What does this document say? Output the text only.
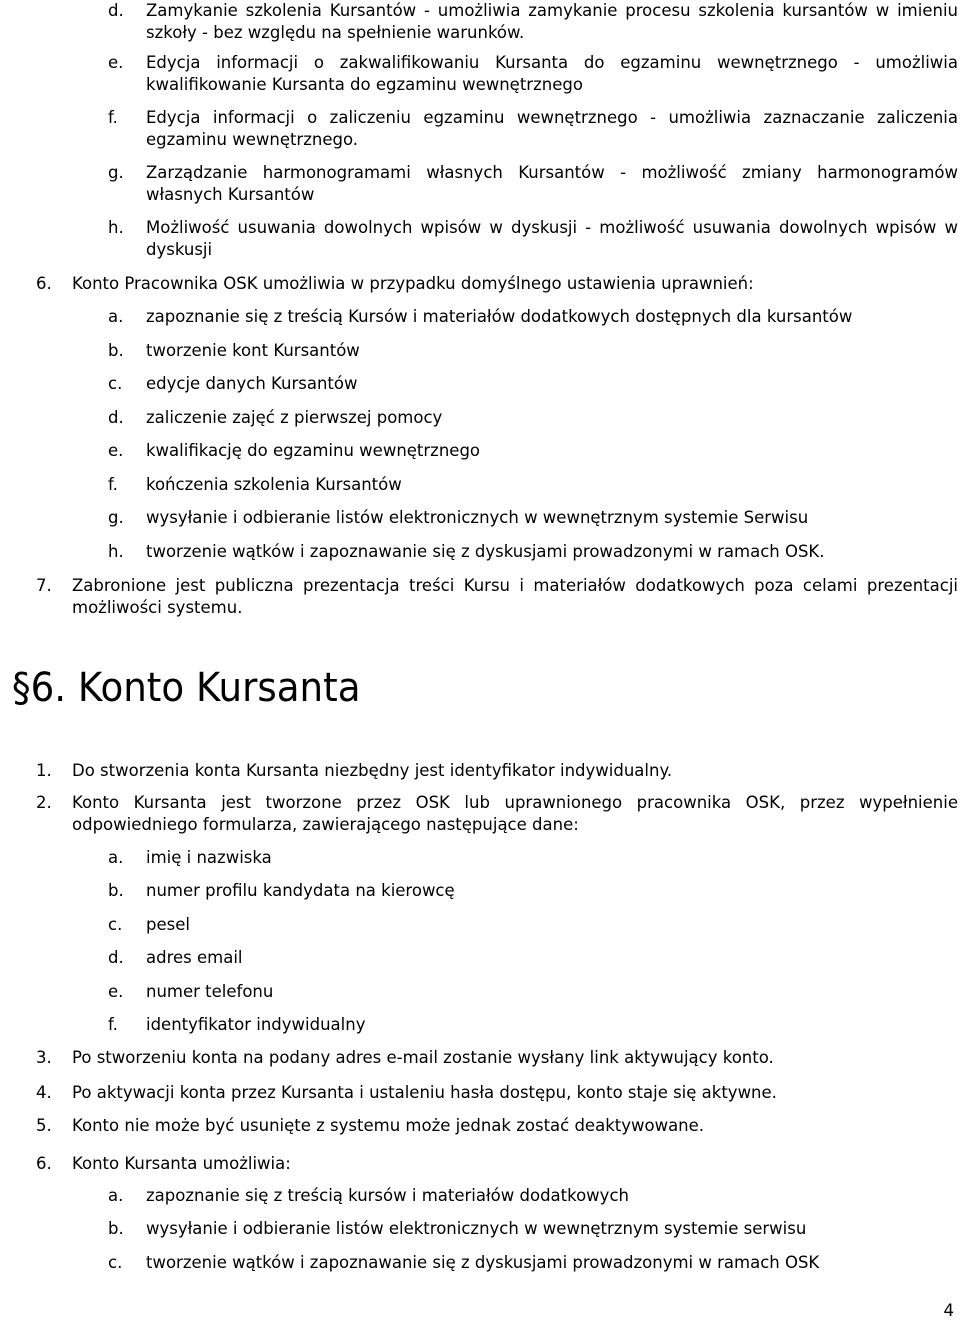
d.	Zamykanie szkolenia Kursantów - umożliwia zamykanie procesu szkolenia kursantów w imieniu szkoły - bez względu na spełnienie warunków.
e.	Edycja informacji o zakwalifikowaniu Kursanta do egzaminu wewnętrznego - umożliwia kwalifikowanie Kursanta do egzaminu wewnętrznego
f.	Edycja informacji o zaliczeniu egzaminu wewnętrznego - umożliwia zaznaczanie zaliczenia egzaminu wewnętrznego.
g.	Zarządzanie harmonogramami własnych Kursantów - możliwość zmiany harmonogramów własnych Kursantów
h.	Możliwość usuwania dowolnych wpisów w dyskusji - możliwość usuwania dowolnych wpisów w dyskusji
6.	Konto Pracownika OSK umożliwia w przypadku domyślnego ustawienia uprawnień:
a.	zapoznanie się z treścią Kursów i materiałów dodatkowych dostępnych dla kursantów
b.	tworzenie kont Kursantów
c.	edycje danych Kursantów
d.	zaliczenie zajęć z pierwszej pomocy
e.	kwalifikację do egzaminu wewnętrznego
f.	kończenia szkolenia Kursantów
g.	wysyłanie i odbieranie listów elektronicznych w wewnętrznym systemie Serwisu
h.	tworzenie wątków i zapoznawanie się z dyskusjami prowadzonymi w ramach OSK.
7.	Zabronione jest publiczna prezentacja treści Kursu i materiałów dodatkowych poza celami prezentacji możliwości systemu.
§6. Konto Kursanta
1.	Do stworzenia konta Kursanta niezbędny jest identyfikator indywidualny.
2.	Konto Kursanta jest tworzone przez OSK lub uprawnionego pracownika OSK, przez wypełnienie odpowiedniego formularza, zawierającego następujące dane:
a.	imię i nazwiska
b.	numer profilu kandydata na kierowcę
c.	pesel
d.	adres email
e.	numer telefonu
f.	identyfikator indywidualny
3.	Po stworzeniu konta na podany adres e-mail zostanie wysłany link aktywujący konto.
4.	Po aktywacji konta przez Kursanta i ustaleniu hasła dostępu, konto staje się aktywne.
5.	Konto nie może być usunięte z systemu może jednak zostać deaktywowane.
6.	Konto Kursanta umożliwia:
a.	zapoznanie się z treścią kursów i materiałów dodatkowych
b.	wysyłanie i odbieranie listów elektronicznych w wewnętrznym systemie serwisu
c.	tworzenie wątków i zapoznawanie się z dyskusjami prowadzonymi w ramach OSK
4
